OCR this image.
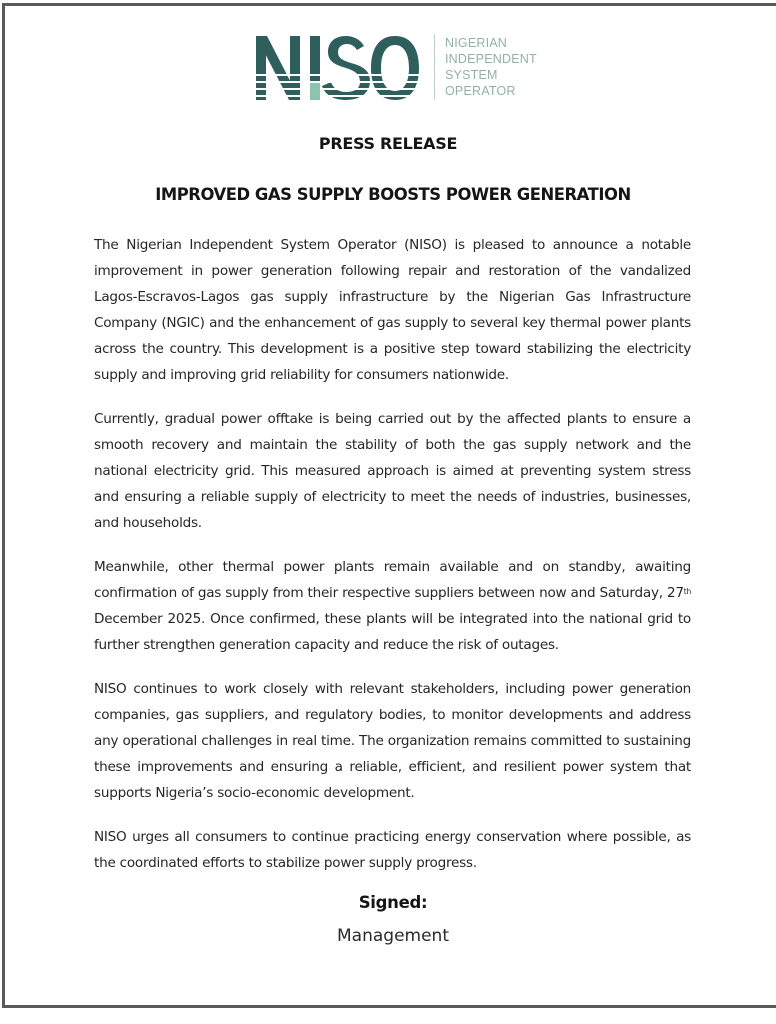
NIGERIAN
INDEPENDENT
SYSTEM
OPERATOR
PRESS RELEASE
IMPROVED GAS SUPPLY BOOSTS POWER GENERATION

The Nigerian Independent System Operator (NISO) is pleased to announce a notable improvement in power generation following repair and restoration of the vandalized Lagos-Escravos-Lagos gas supply infrastructure by the Nigerian Gas Infrastructure Company (NGIC) and the enhancement of gas supply to several key thermal power plants across the country. This development is a positive step toward stabilizing the electricity supply and improving grid reliability for consumers nationwide.

Currently, gradual power offtake is being carried out by the affected plants to ensure a smooth recovery and maintain the stability of both the gas supply network and the national electricity grid. This measured approach is aimed at preventing system stress and ensuring a reliable supply of electricity to meet the needs of industries, businesses, and households.

Meanwhile, other thermal power plants remain available and on standby, awaiting confirmation of gas supply from their respective suppliers between now and Saturday, 27th December 2025. Once confirmed, these plants will be integrated into the national grid to further strengthen generation capacity and reduce the risk of outages.

NISO continues to work closely with relevant stakeholders, including power generation companies, gas suppliers, and regulatory bodies, to monitor developments and address any operational challenges in real time. The organization remains committed to sustaining these improvements and ensuring a reliable, efficient, and resilient power system that supports Nigeria’s socio-economic development.

NISO urges all consumers to continue practicing energy conservation where possible, as the coordinated efforts to stabilize power supply progress.

Signed:
Management
